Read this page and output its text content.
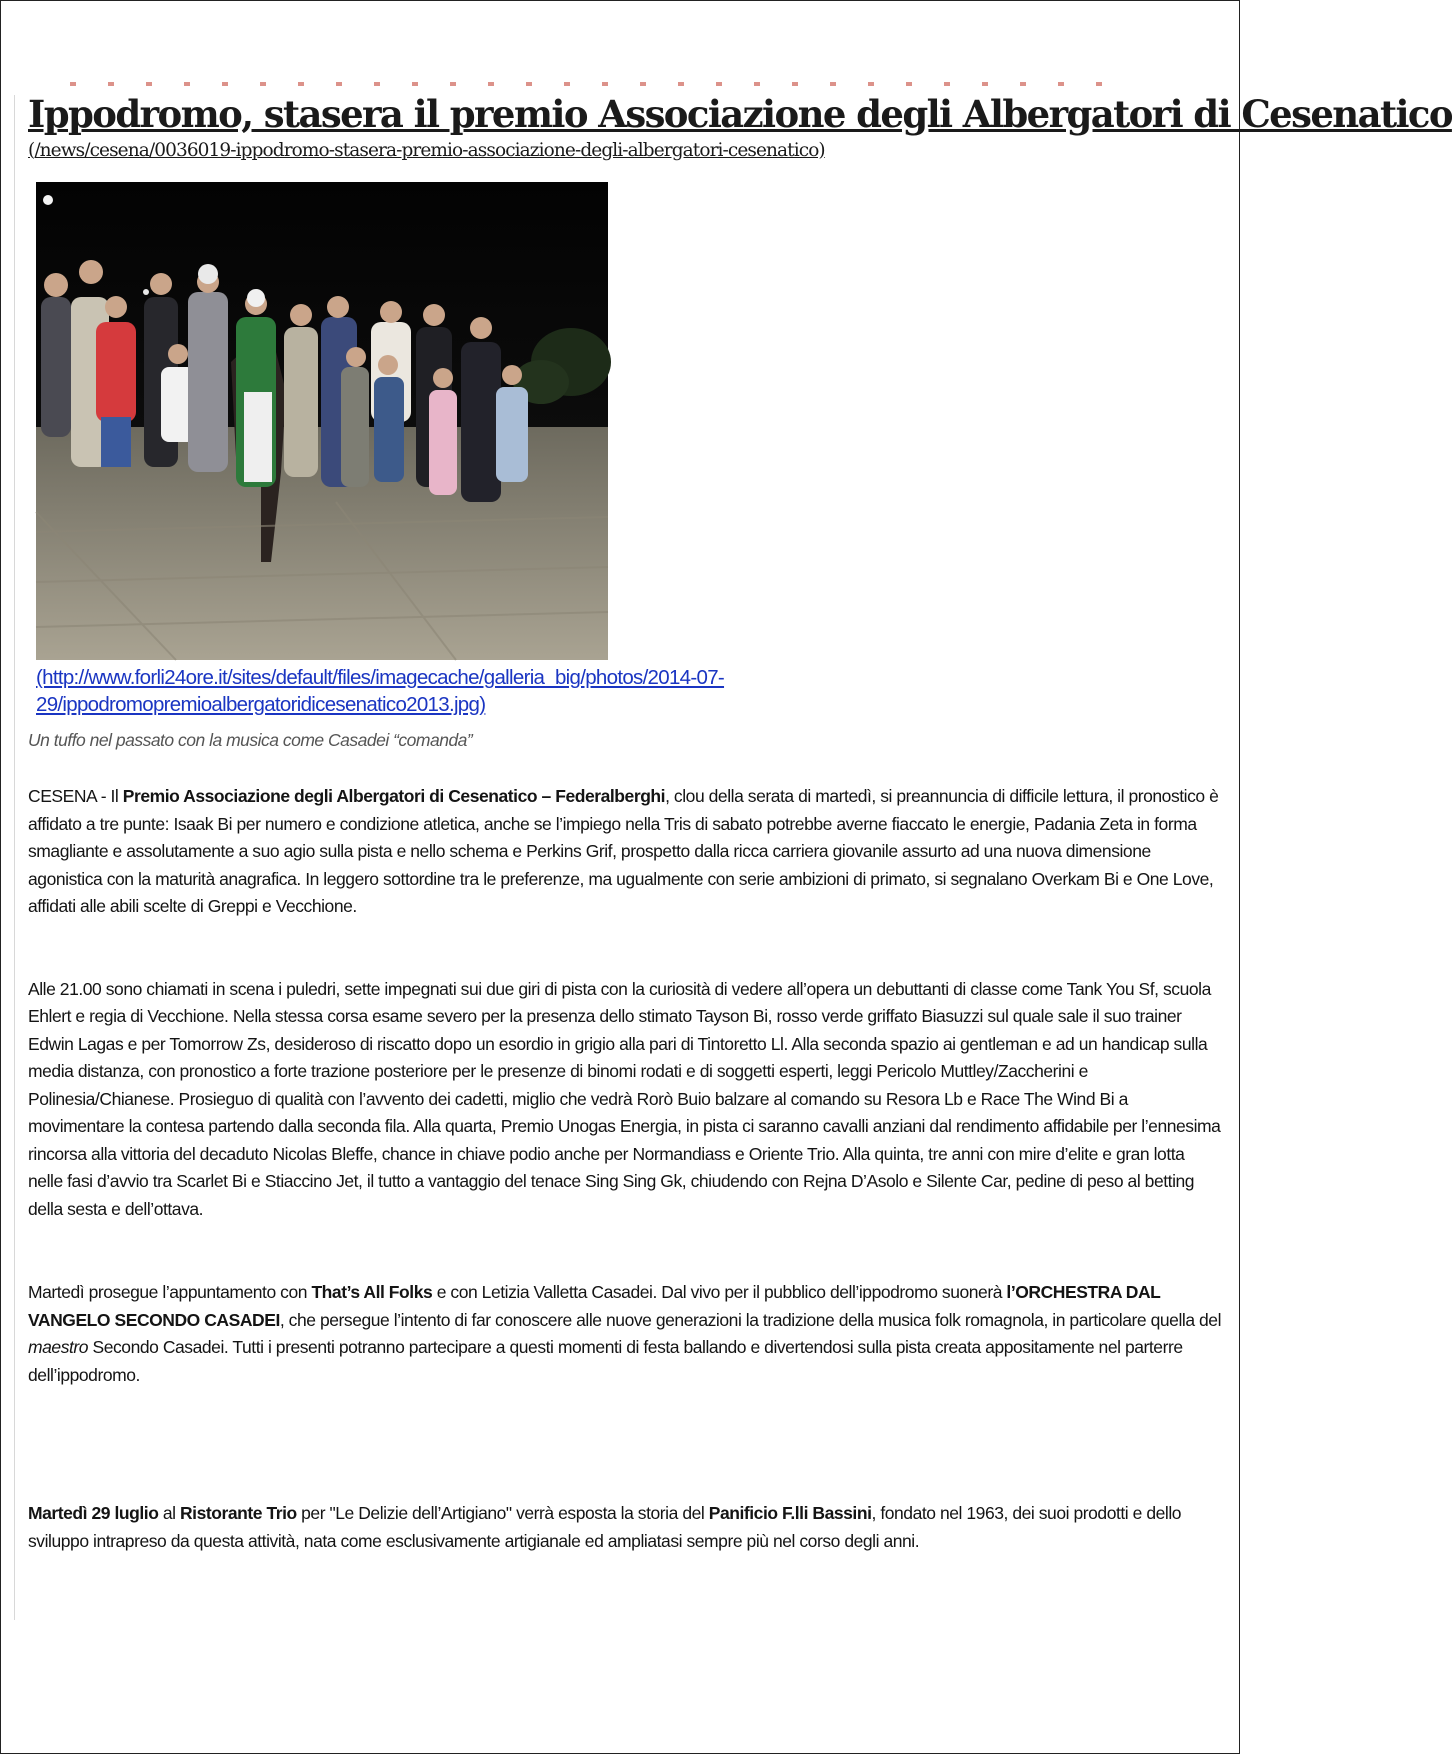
Ippodromo, stasera il premio Associazione degli Albergatori di Cesenatico
(/news/cesena/0036019-ippodromo-stasera-premio-associazione-degli-albergatori-cesenatico)
(http://www.forli24ore.it/sites/default/files/imagecache/galleria_big/photos/2014-07-29/ippodromopremioalbergatoridicesenatico2013.jpg)

Un tuffo nel passato con la musica come Casadei “comanda”

CESENA - Il Premio Associazione degli Albergatori di Cesenatico – Federalberghi, clou della serata di martedì, si preannuncia di difficile lettura, il pronostico è affidato a tre punte: Isaak Bi per numero e condizione atletica, anche se l’impiego nella Tris di sabato potrebbe averne fiaccato le energie, Padania Zeta in forma smagliante e assolutamente a suo agio sulla pista e nello schema e Perkins Grif, prospetto dalla ricca carriera giovanile assurto ad una nuova dimensione agonistica con la maturità anagrafica. In leggero sottordine tra le preferenze, ma ugualmente con serie ambizioni di primato, si segnalano Overkam Bi e One Love, affidati alle abili scelte di Greppi e Vecchione.

Alle 21.00 sono chiamati in scena i puledri, sette impegnati sui due giri di pista con la curiosità di vedere all’opera un debuttanti di classe come Tank You Sf, scuola Ehlert e regia di Vecchione. Nella stessa corsa esame severo per la presenza dello stimato Tayson Bi, rosso verde griffato Biasuzzi sul quale sale il suo trainer Edwin Lagas e per Tomorrow Zs, desideroso di riscatto dopo un esordio in grigio alla pari di Tintoretto Ll. Alla seconda spazio ai gentleman e ad un handicap sulla media distanza, con pronostico a forte trazione posteriore per le presenze di binomi rodati e di soggetti esperti, leggi Pericolo Muttley/Zaccherini e Polinesia/Chianese. Prosieguo di qualità con l’avvento dei cadetti, miglio che vedrà Rorò Buio balzare al comando su Resora Lb e Race The Wind Bi a movimentare la contesa partendo dalla seconda fila. Alla quarta, Premio Unogas Energia, in pista ci saranno cavalli anziani dal rendimento affidabile per l’ennesima rincorsa alla vittoria del decaduto Nicolas Bleffe, chance in chiave podio anche per Normandiass e Oriente Trio. Alla quinta, tre anni con mire d’elite e gran lotta nelle fasi d’avvio tra Scarlet Bi e Stiaccino Jet, il tutto a vantaggio del tenace Sing Sing Gk, chiudendo con Rejna D’Asolo e Silente Car, pedine di peso al betting della sesta e dell’ottava.

Martedì prosegue l’appuntamento con That’s All Folks e con Letizia Valletta Casadei. Dal vivo per il pubblico dell’ippodromo suonerà l’ORCHESTRA DAL VANGELO SECONDO CASADEI, che persegue l’intento di far conoscere alle nuove generazioni la tradizione della musica folk romagnola, in particolare quella del maestro Secondo Casadei. Tutti i presenti potranno partecipare a questi momenti di festa ballando e divertendosi sulla pista creata appositamente nel parterre dell’ippodromo.

Martedì 29 luglio al Ristorante Trio per "Le Delizie dell’Artigiano" verrà esposta la storia del Panificio F.lli Bassini, fondato nel 1963, dei suoi prodotti e dello sviluppo intrapreso da questa attività, nata come esclusivamente artigianale ed ampliatasi sempre più nel corso degli anni.
